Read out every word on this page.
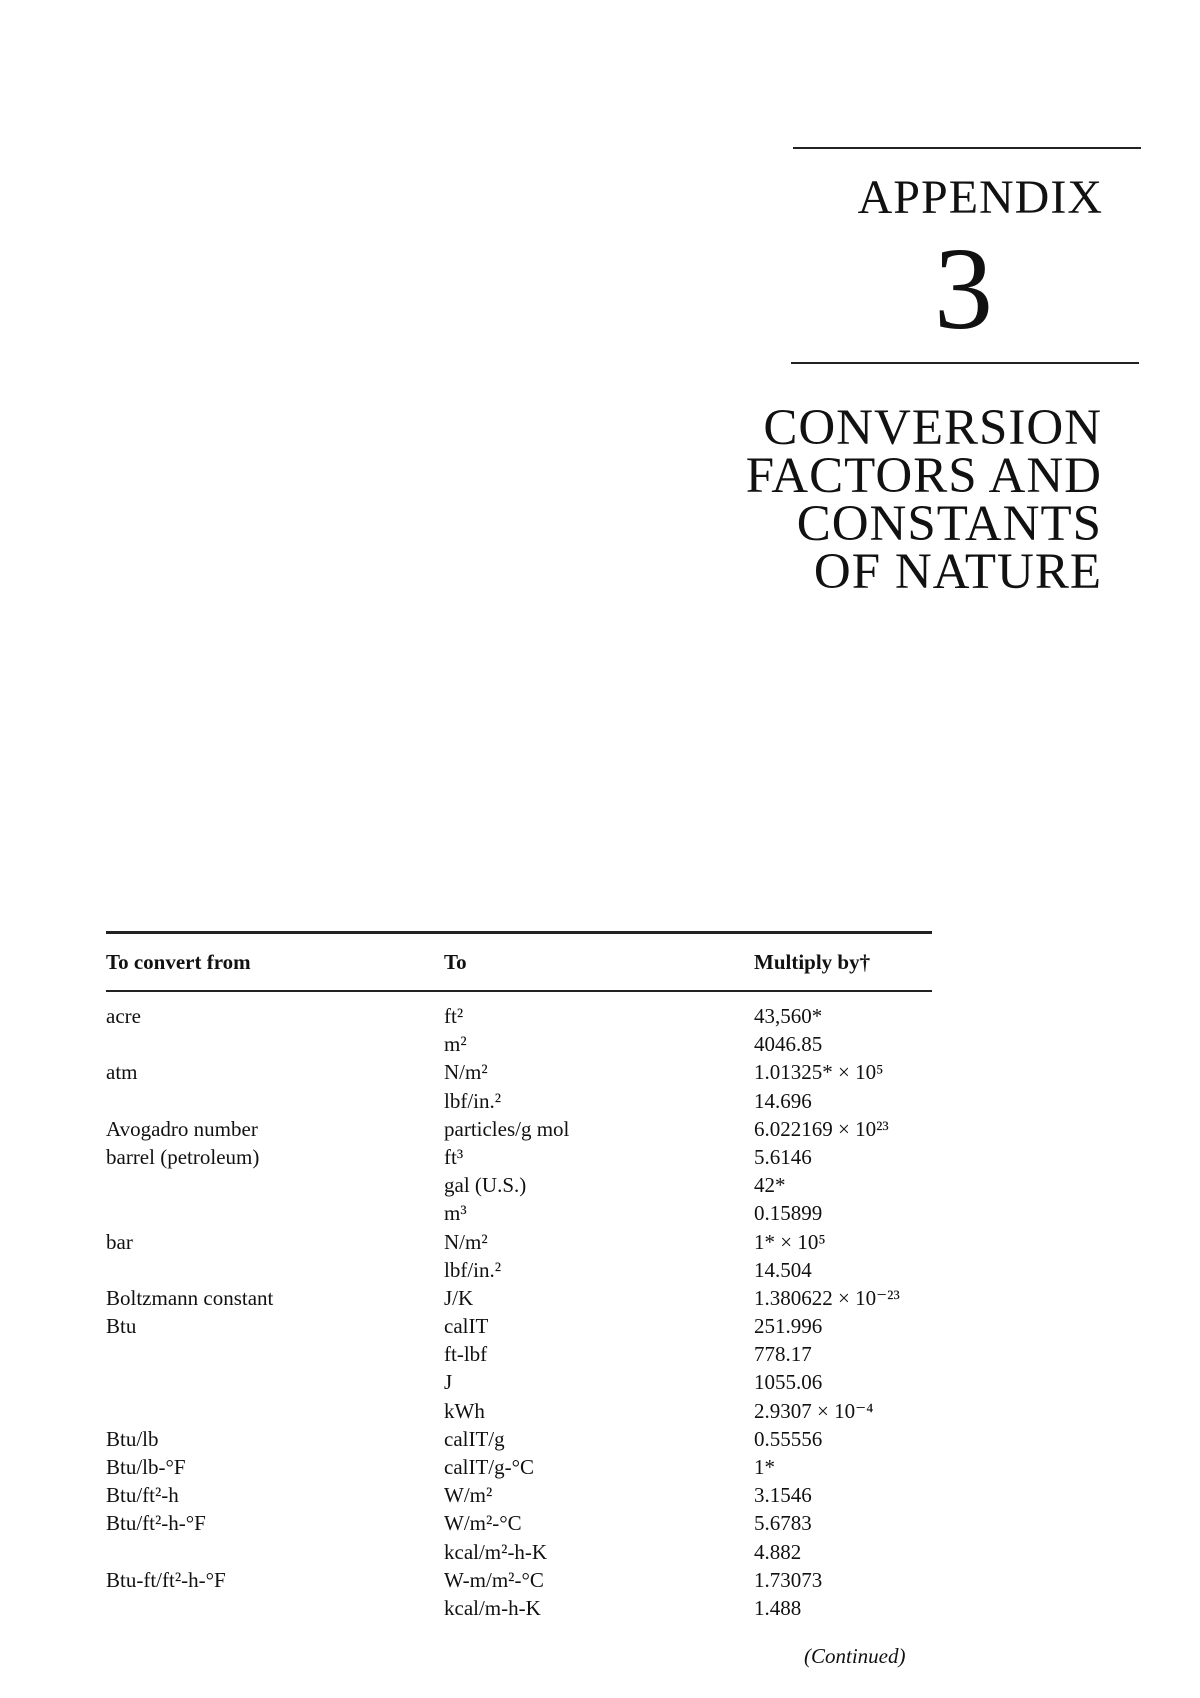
APPENDIX
3
CONVERSION
FACTORS AND
CONSTANTS
OF NATURE
To convert from	To	Multiply by†
acre	ft²	43,560*
	m²	4046.85
atm	N/m²	1.01325* × 10⁵
	lbf/in.²	14.696
Avogadro number	particles/g mol	6.022169 × 10²³
barrel (petroleum)	ft³	5.6146
	gal (U.S.)	42*
	m³	0.15899
bar	N/m²	1* × 10⁵
	lbf/in.²	14.504
Boltzmann constant	J/K	1.380622 × 10⁻²³
Btu	calIT	251.996
	ft-lbf	778.17
	J	1055.06
	kWh	2.9307 × 10⁻⁴
Btu/lb	calIT/g	0.55556
Btu/lb-°F	calIT/g-°C	1*
Btu/ft²-h	W/m²	3.1546
Btu/ft²-h-°F	W/m²-°C	5.6783
	kcal/m²-h-K	4.882
Btu-ft/ft²-h-°F	W-m/m²-°C	1.73073
	kcal/m-h-K	1.488
(Continued)
